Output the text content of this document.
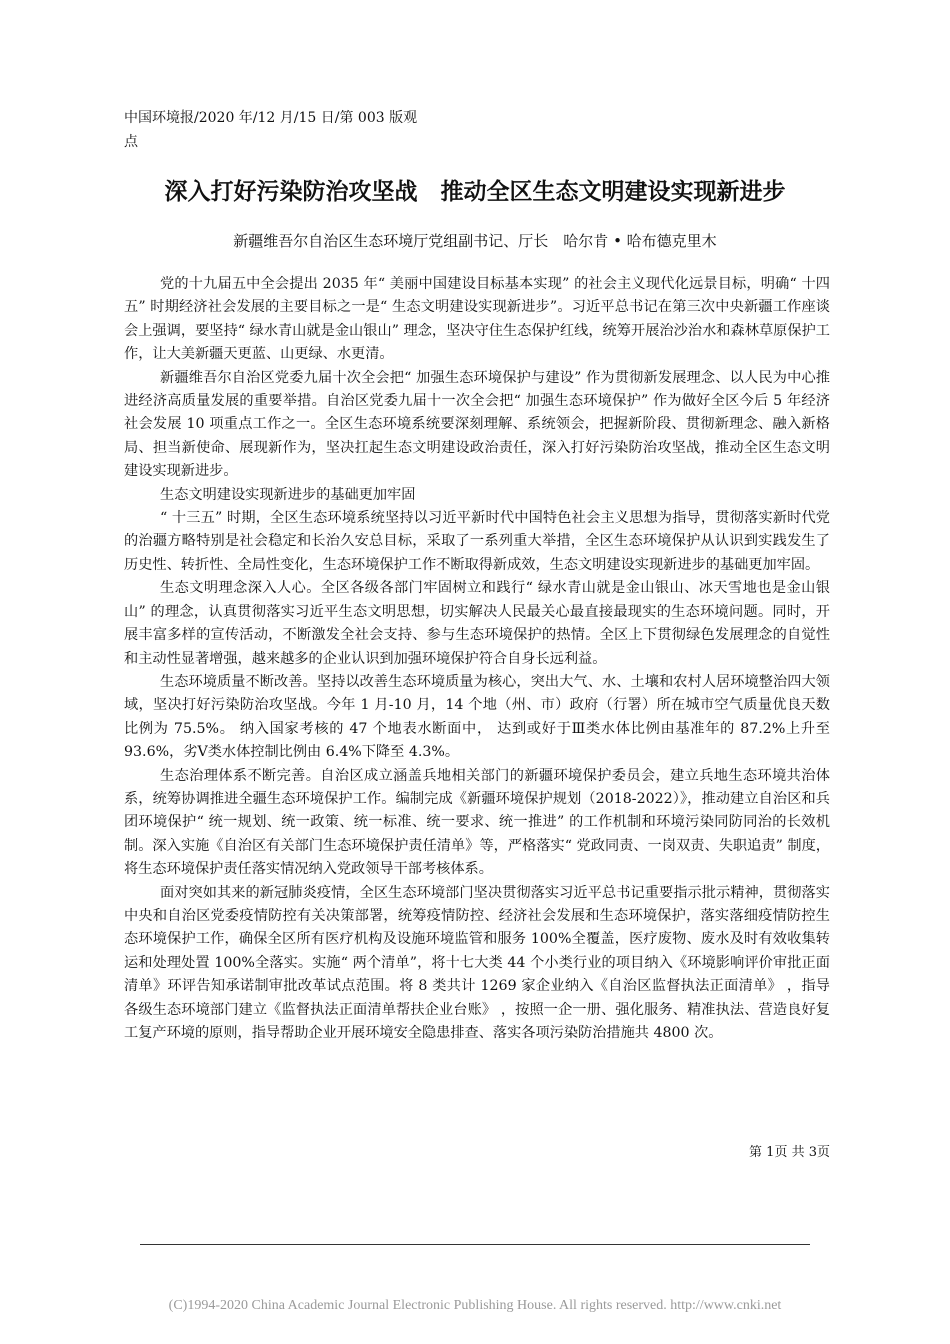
中国环境报/2020 年/12 月/15 日/第 003 版观点
深入打好污染防治攻坚战　推动全区生态文明建设实现新进步
新疆维吾尔自治区生态环境厅党组副书记、厅长　哈尔肯 • 哈布德克里木

党的十九届五中全会提出 2035 年“ 美丽中国建设目标基本实现” 的社会主义现代化远景目标，明确“ 十四五” 时期经济社会发展的主要目标之一是“ 生态文明建设实现新进步”。习近平总书记在第三次中央新疆工作座谈会上强调，要坚持“ 绿水青山就是金山银山” 理念，坚决守住生态保护红线，统筹开展治沙治水和森林草原保护工作，让大美新疆天更蓝、山更绿、水更清。

新疆维吾尔自治区党委九届十次全会把“ 加强生态环境保护与建设” 作为贯彻新发展理念、以人民为中心推进经济高质量发展的重要举措。自治区党委九届十一次全会把“ 加强生态环境保护” 作为做好全区今后 5 年经济社会发展 10 项重点工作之一。全区生态环境系统要深刻理解、系统领会，把握新阶段、贯彻新理念、融入新格局、担当新使命、展现新作为，坚决扛起生态文明建设政治责任，深入打好污染防治攻坚战，推动全区生态文明建设实现新进步。

生态文明建设实现新进步的基础更加牢固

“ 十三五” 时期，全区生态环境系统坚持以习近平新时代中国特色社会主义思想为指导，贯彻落实新时代党的治疆方略特别是社会稳定和长治久安总目标，采取了一系列重大举措，全区生态环境保护从认识到实践发生了历史性、转折性、全局性变化，生态环境保护工作不断取得新成效，生态文明建设实现新进步的基础更加牢固。

生态文明理念深入人心。全区各级各部门牢固树立和践行“ 绿水青山就是金山银山、冰天雪地也是金山银山” 的理念，认真贯彻落实习近平生态文明思想，切实解决人民最关心最直接最现实的生态环境问题。同时，开展丰富多样的宣传活动，不断激发全社会支持、参与生态环境保护的热情。全区上下贯彻绿色发展理念的自觉性和主动性显著增强，越来越多的企业认识到加强环境保护符合自身长远利益。

生态环境质量不断改善。坚持以改善生态环境质量为核心，突出大气、水、土壤和农村人居环境整治四大领域，坚决打好污染防治攻坚战。今年 1 月-10 月，14 个地（州、市）政府（行署）所在城市空气质量优良天数比例为 75.5%。 纳入国家考核的 47 个地表水断面中， 达到或好于Ⅲ类水体比例由基准年的 87.2%上升至 93.6%，劣Ⅴ类水体控制比例由 6.4%下降至 4.3%。

生态治理体系不断完善。自治区成立涵盖兵地相关部门的新疆环境保护委员会，建立兵地生态环境共治体系，统筹协调推进全疆生态环境保护工作。编制完成《新疆环境保护规划（2018-2022）》，推动建立自治区和兵团环境保护“ 统一规划、统一政策、统一标准、统一要求、统一推进” 的工作机制和环境污染同防同治的长效机制。深入实施《自治区有关部门生态环境保护责任清单》等，严格落实“ 党政同责、一岗双责、失职追责” 制度，将生态环境保护责任落实情况纳入党政领导干部考核体系。

面对突如其来的新冠肺炎疫情，全区生态环境部门坚决贯彻落实习近平总书记重要指示批示精神，贯彻落实中央和自治区党委疫情防控有关决策部署，统筹疫情防控、经济社会发展和生态环境保护，落实落细疫情防控生态环境保护工作，确保全区所有医疗机构及设施环境监管和服务 100%全覆盖，医疗废物、废水及时有效收集转运和处理处置 100%全落实。实施“ 两个清单”，将十七大类 44 个小类行业的项目纳入《环境影响评价审批正面清单》环评告知承诺制审批改革试点范围。将 8 类共计 1269 家企业纳入《自治区监督执法正面清单》 ，指导各级生态环境部门建立《监督执法正面清单帮扶企业台账》 ，按照一企一册、强化服务、精准执法、营造良好复工复产环境的原则，指导帮助企业开展环境安全隐患排查、落实各项污染防治措施共 4800 次。

第 1页 共 3页
(C)1994-2020 China Academic Journal Electronic Publishing House. All rights reserved. http://www.cnki.net
